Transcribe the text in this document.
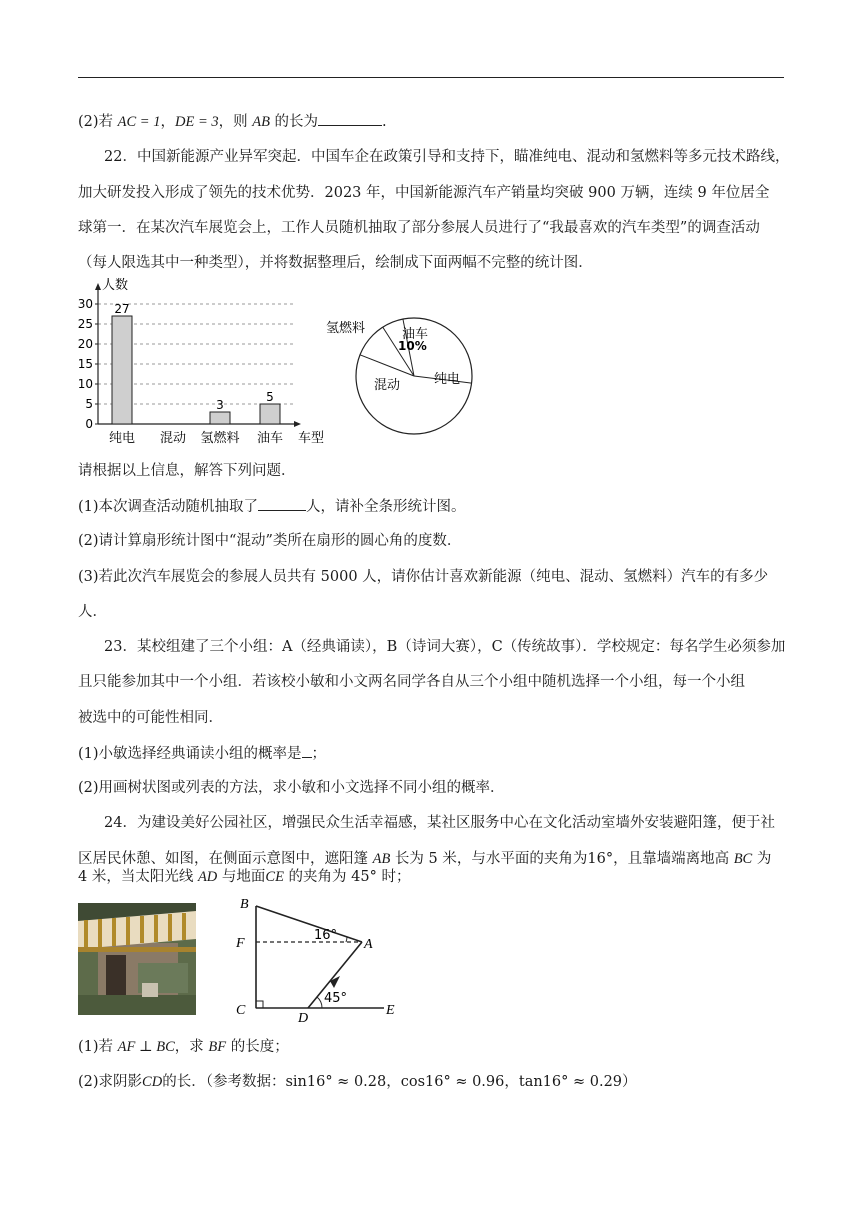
(2)若 AC = 1，DE = 3，则 AB 的长为	.
22．中国新能源产业异军突起．中国车企在政策引导和支持下，瞄准纯电、混动和氢燃料等多元技术路线，
加大研发投入形成了领先的技术优势．2023 年，中国新能源汽车产销量均突破 900 万辆，连续 9 年位居全
球第一．在某次汽车展览会上，工作人员随机抽取了部分参展人员进行了“我最喜欢的汽车类型”的调查活动
（每人限选其中一种类型），并将数据整理后，绘制成下面两幅不完整的统计图．
人数
车型
0
5
10
15
20
25
30 27
3
5
纯电 混动 氢燃料 油车
氢燃料	油车
10%
混动	纯电
请根据以上信息，解答下列问题．
(1)本次调查活动随机抽取了	人，请补全条形统计图。
(2)请计算扇形统计图中“混动”类所在扇形的圆心角的度数．
(3)若此次汽车展览会的参展人员共有 5000 人，请你估计喜欢新能源（纯电、混动、氢燃料）汽车的有多少
人．
23．某校组建了三个小组：A（经典诵读），B（诗词大赛），C（传统故事）．学校规定：每名学生必须参加
且只能参加其中一个小组．若该校小敏和小文两名同学各自从三个小组中随机选择一个小组，每一个小组
被选中的可能性相同．
(1)小敏选择经典诵读小组的概率是 ；
(2)用画树状图或列表的方法，求小敏和小文选择不同小组的概率．
24．为建设美好公园社区，增强民众生活幸福感，某社区服务中心在文化活动室墙外安装避阳篷，便于社
区居民休憩、如图，在侧面示意图中，遮阳篷 AB 长为 5 米，与水平面的夹角为16°，且靠墙端离地高 BC 为
4 米，当太阳光线 AD 与地面CE 的夹角为 45° 时；
B
F	A
C
D
E
16°
45°
(1)若 AF ⊥ BC，求 BF 的长度；
(2)求阴影CD的长．（参考数据：sin16° ≈ 0.28，cos16° ≈ 0.96，tan16° ≈ 0.29）
